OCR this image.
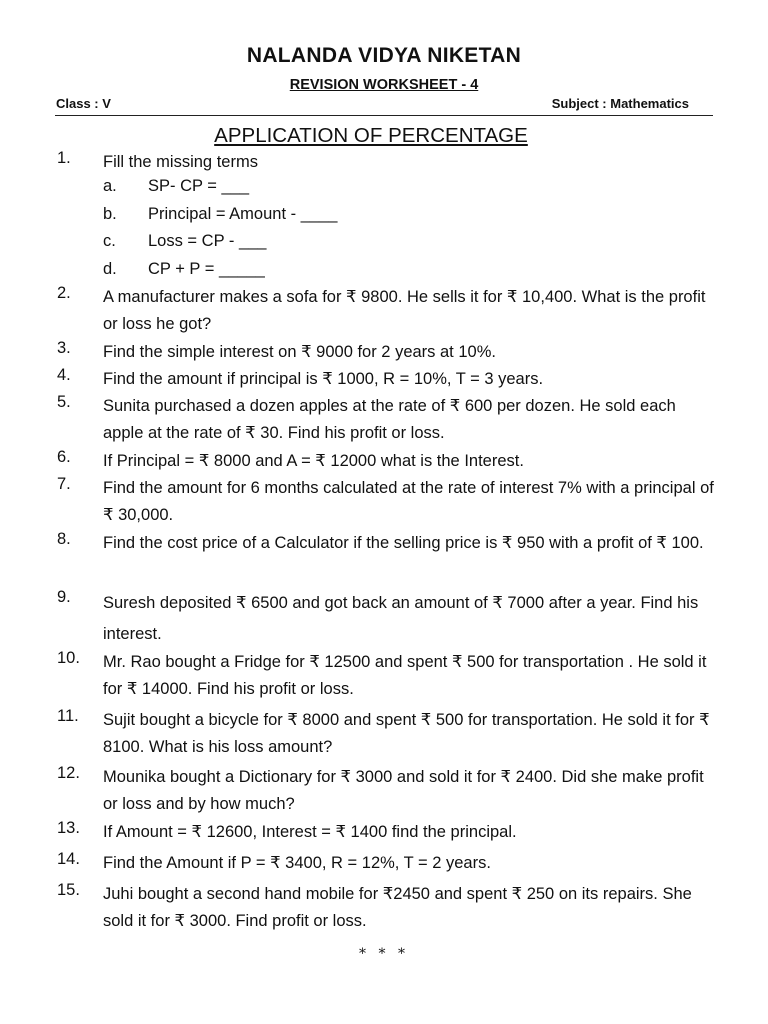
NALANDA VIDYA NIKETAN
REVISION WORKSHEET - 4
Class : V	Subject : Mathematics
APPLICATION OF PERCENTAGE
1. Fill the missing terms
a. SP- CP = ___
b. Principal = Amount - ____
c. Loss = CP - ___
d. CP + P = _____
2. A manufacturer makes a sofa for ₹ 9800. He sells it for ₹ 10,400. What is the profit or loss he got?
3. Find the simple interest on ₹ 9000 for 2 years at 10%.
4. Find the amount if principal is ₹ 1000, R = 10%, T = 3 years.
5. Sunita purchased a dozen apples at the rate of ₹ 600 per dozen. He sold each apple at the rate of ₹ 30. Find his profit or loss.
6. If Principal = ₹ 8000 and A = ₹ 12000 what is the Interest.
7. Find the amount for 6 months calculated at the rate of interest 7% with a principal of ₹ 30,000.
8. Find the cost price of a Calculator if the selling price is ₹ 950 with a profit of ₹ 100.
9. Suresh deposited ₹ 6500 and got back an amount of ₹ 7000 after a year. Find his interest.
10. Mr. Rao bought a Fridge for ₹ 12500 and spent ₹ 500 for transportation . He sold it for ₹ 14000. Find his profit or loss.
11. Sujit bought a bicycle for ₹ 8000 and spent ₹ 500 for transportation. He sold it for ₹ 8100. What is his loss amount?
12. Mounika bought a Dictionary for ₹ 3000 and sold it for ₹ 2400. Did she make profit or loss and by how much?
13. If Amount = ₹ 12600, Interest = ₹ 1400 find the principal.
14. Find the Amount if P = ₹ 3400, R = 12%, T = 2 years.
15. Juhi bought a second hand mobile for ₹2450 and spent ₹ 250 on its repairs. She sold it for ₹ 3000. Find profit or loss.
* * *
